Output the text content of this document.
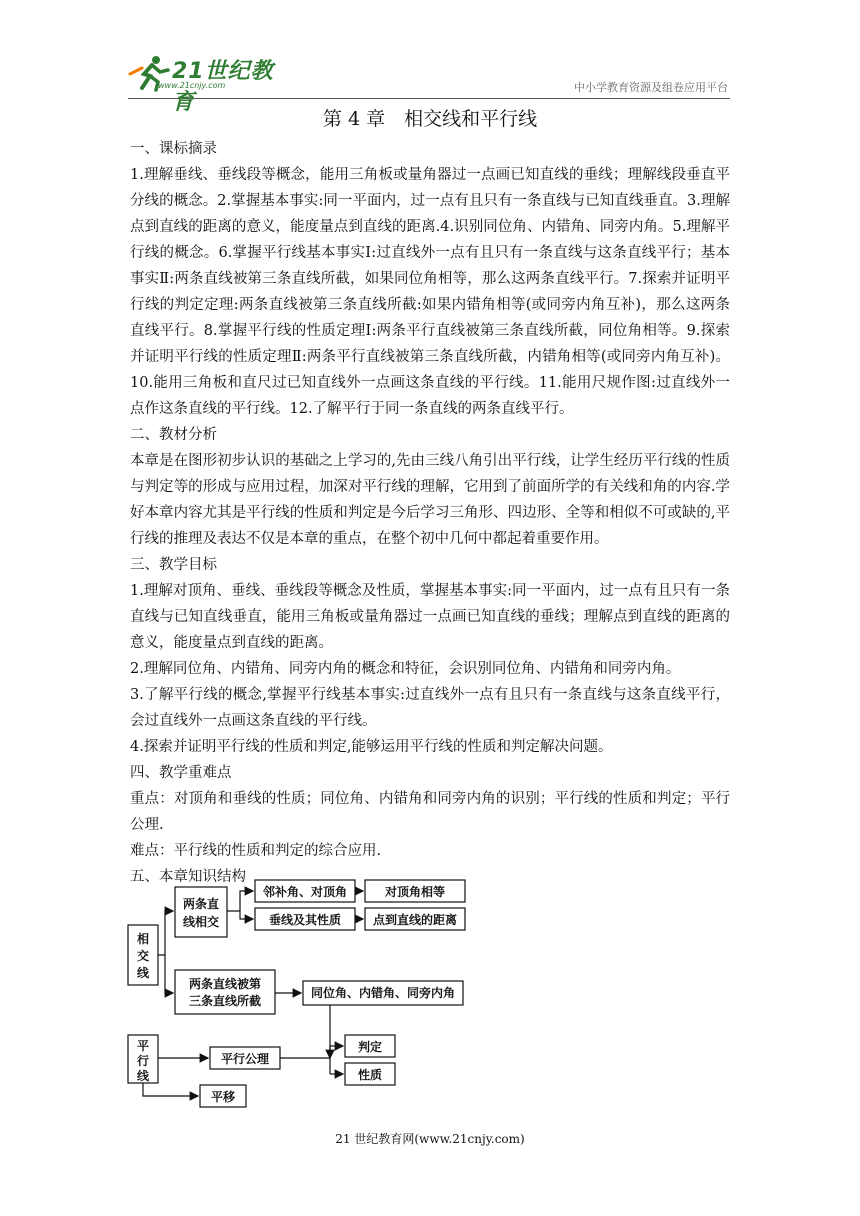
21世纪教育
www.21cnjy.com	中小学教育资源及组卷应用平台
第 4 章　相交线和平行线

一、课标摘录

1.理解垂线、垂线段等概念，能用三角板或量角器过一点画已知直线的垂线；理解线段垂直平分线的概念。2.掌握基本事实:同一平面内，过一点有且只有一条直线与已知直线垂直。3.理解点到直线的距离的意义，能度量点到直线的距离.4.识别同位角、内错角、同旁内角。5.理解平行线的概念。6.掌握平行线基本事实Ⅰ:过直线外一点有且只有一条直线与这条直线平行；基本事实Ⅱ:两条直线被第三条直线所截，如果同位角相等，那么这两条直线平行。7.探索并证明平行线的判定定理:两条直线被第三条直线所截:如果内错角相等(或同旁内角互补)，那么这两条直线平行。8.掌握平行线的性质定理Ⅰ:两条平行直线被第三条直线所截，同位角相等。9.探索并证明平行线的性质定理Ⅱ:两条平行直线被第三条直线所截，内错角相等(或同旁内角互补)。10.能用三角板和直尺过已知直线外一点画这条直线的平行线。11.能用尺规作图:过直线外一点作这条直线的平行线。12.了解平行于同一条直线的两条直线平行。

二、教材分析

本章是在图形初步认识的基础之上学习的,先由三线八角引出平行线，让学生经历平行线的性质与判定等的形成与应用过程，加深对平行线的理解，它用到了前面所学的有关线和角的内容.学好本章内容尤其是平行线的性质和判定是今后学习三角形、四边形、全等和相似不可或缺的,平行线的推理及表达不仅是本章的重点，在整个初中几何中都起着重要作用。

三、教学目标

1.理解对顶角、垂线、垂线段等概念及性质，掌握基本事实:同一平面内，过一点有且只有一条直线与已知直线垂直，能用三角板或量角器过一点画已知直线的垂线；理解点到直线的距离的意义，能度量点到直线的距离。

2.理解同位角、内错角、同旁内角的概念和特征，会识别同位角、内错角和同旁内角。

3.了解平行线的概念,掌握平行线基本事实:过直线外一点有且只有一条直线与这条直线平行，会过直线外一点画这条直线的平行线。

4.探索并证明平行线的性质和判定,能够运用平行线的性质和判定解决问题。

四、教学重难点

重点：对顶角和垂线的性质；同位角、内错角和同旁内角的识别；平行线的性质和判定；平行公理.

难点：平行线的性质和判定的综合应用.

五、本章知识结构

相
交
线
两条直
线相交
邻补角、对顶角	对顶角相等
垂线及其性质	点到直线的距离
两条直线被第
三条直线所截
同位角、内错角、同旁内角
平
行
线
平行公理
判定
性质
平移
21 世纪教育网(www.21cnjy.com)
